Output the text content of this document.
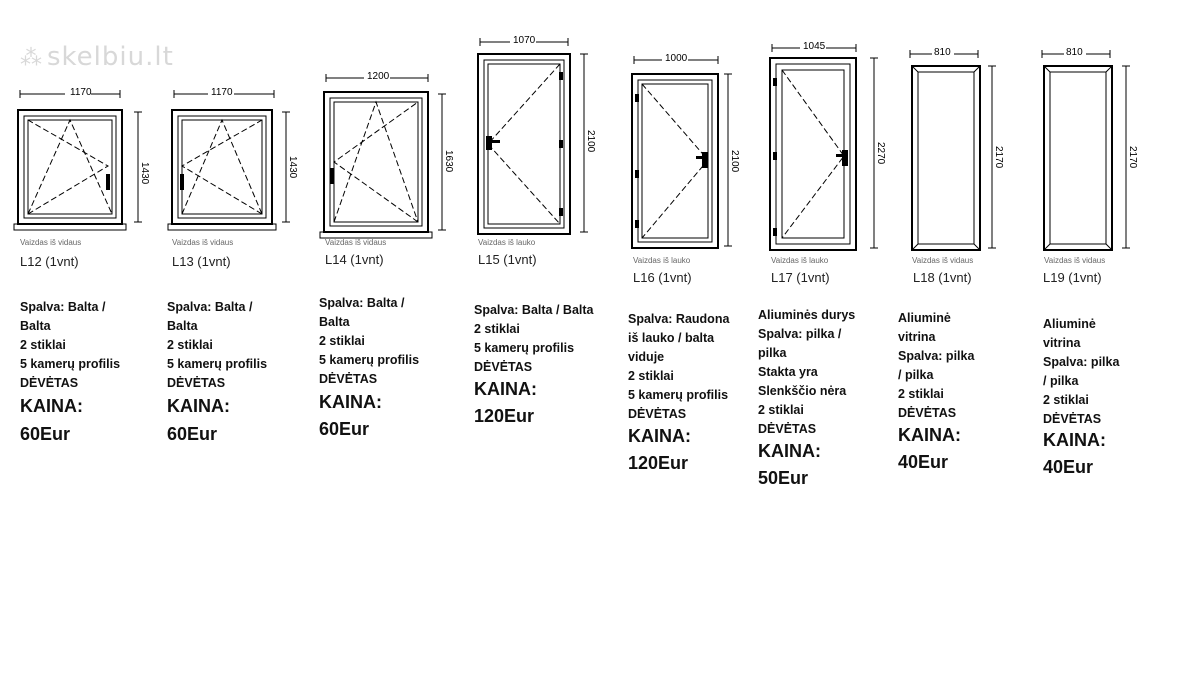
⁂ skelbiu.lt
1170
1430
Vaizdas iš vidaus
L12 (1vnt)
Spalva: Balta /
Balta
2 stiklai
5 kamerų profilis
DĖVĖTAS
KAINA:
60Eur
1170
1430
Vaizdas iš vidaus
L13 (1vnt)
Spalva: Balta /
Balta
2 stiklai
5 kamerų profilis
DĖVĖTAS
KAINA:
60Eur
1200
1630
Vaizdas iš vidaus
L14 (1vnt)
Spalva: Balta /
Balta
2 stiklai
5 kamerų profilis
DĖVĖTAS
KAINA:
60Eur
1070
2100
Vaizdas iš lauko
L15 (1vnt)
Spalva: Balta / Balta
2 stiklai
5 kamerų profilis
DĖVĖTAS
KAINA:
120Eur
1000
2100
Vaizdas iš lauko
L16 (1vnt)
Spalva: Raudona
iš lauko / balta
viduje
2 stiklai
5 kamerų profilis
DĖVĖTAS
KAINA:
120Eur
1045
2270
Vaizdas iš lauko
L17 (1vnt)
Aliuminės durys
Spalva: pilka /
pilka
Stakta yra
Slenkščio nėra
2 stiklai
DĖVĖTAS
KAINA:
50Eur
810
2170
Vaizdas iš vidaus
L18 (1vnt)
Aliuminė
vitrina
Spalva: pilka
/ pilka
2 stiklai
DĖVĖTAS
KAINA:
40Eur
810
2170
Vaizdas iš vidaus
L19 (1vnt)
Aliuminė
vitrina
Spalva: pilka
/ pilka
2 stiklai
DĖVĖTAS
KAINA:
40Eur
